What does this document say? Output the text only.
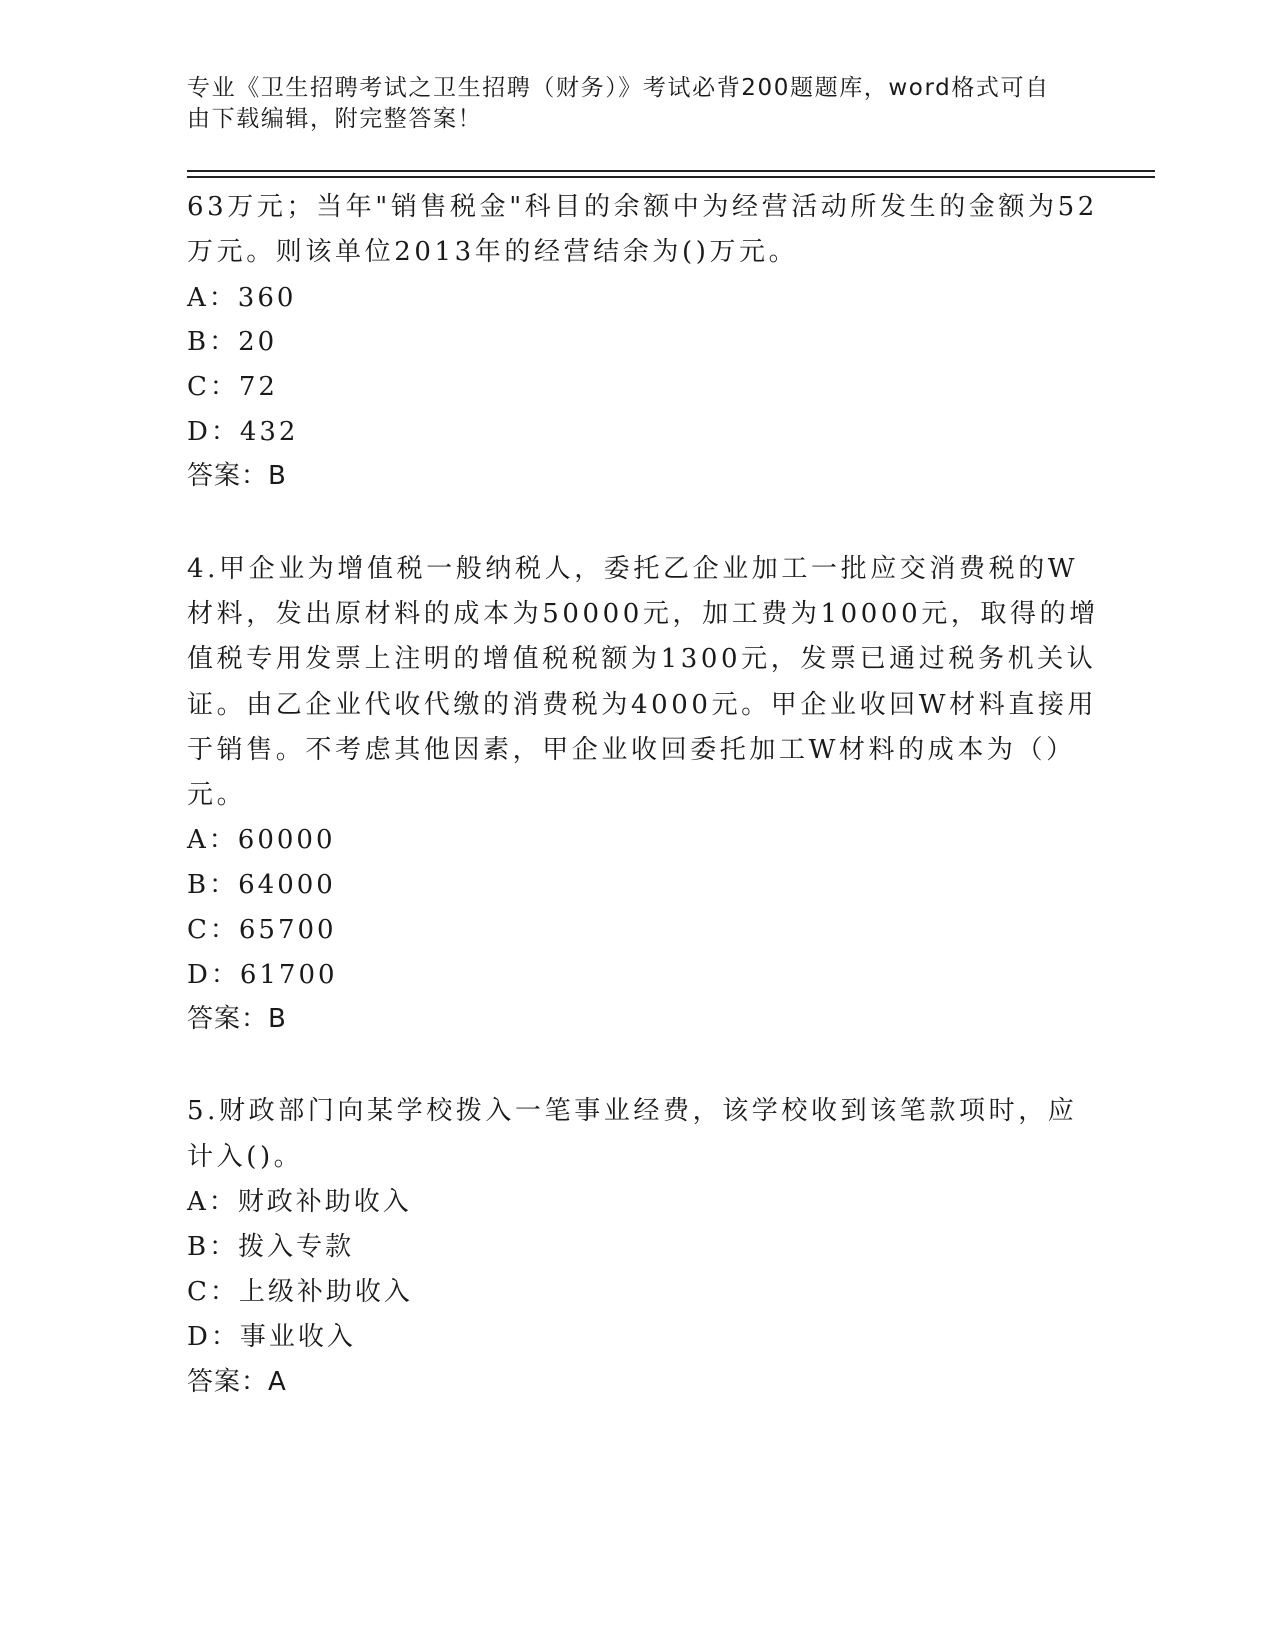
专业《卫生招聘考试之卫生招聘（财务）》考试必背200题题库，word格式可自
由下载编辑，附完整答案！
63万元；当年"销售税金"科目的余额中为经营活动所发生的金额为52
万元。则该单位2013年的经营结余为()万元。
A：360
B：20
C：72
D：432
答案：B
4.甲企业为增值税一般纳税人，委托乙企业加工一批应交消费税的W
材料，发出原材料的成本为50000元，加工费为10000元，取得的增
值税专用发票上注明的增值税税额为1300元，发票已通过税务机关认
证。由乙企业代收代缴的消费税为4000元。甲企业收回W材料直接用
于销售。不考虑其他因素，甲企业收回委托加工W材料的成本为（）
元。
A：60000
B：64000
C：65700
D：61700
答案：B
5.财政部门向某学校拨入一笔事业经费，该学校收到该笔款项时，应
计入()。
A：财政补助收入
B：拨入专款
C：上级补助收入
D：事业收入
答案：A
